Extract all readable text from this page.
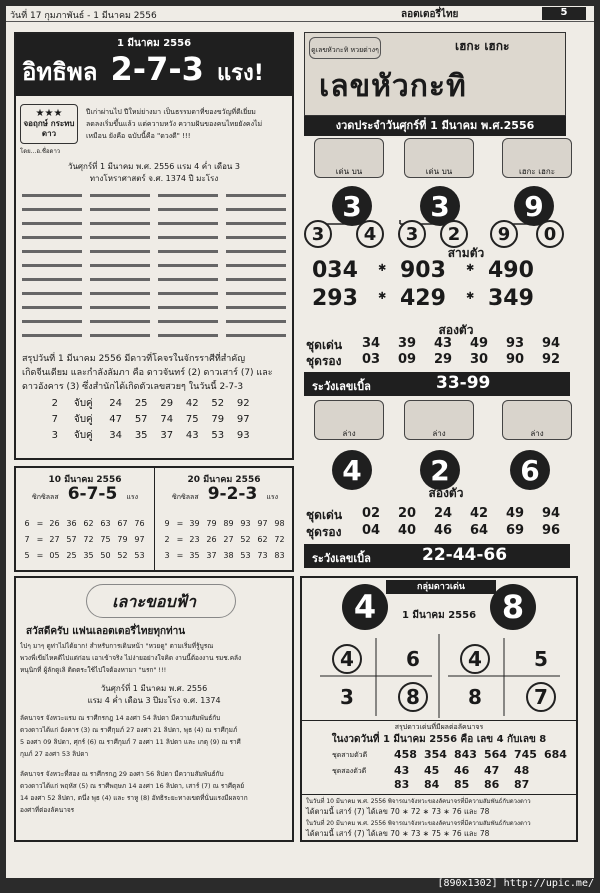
วันที่ 17 กุมภาพันธ์ - 1 มีนาคม 2556	ลอตเตอรี่ไทย	5
1 มีนาคม 2556
อิทธิพล 2-7-3 แรง!
★★★
จอฤกษ์ กระทบดาว
โดย...อ.ชื่อดาว
ปีเก่าผ่านไป ปีใหม่ย่างมา เป็นธรรมดาที่ของขวัญที่ดีเยี่ยม
ลดลงเริ่มขึ้นแล้ว แต่ความหวัง ความฝันของคนไทยยังคงไม่
เหมือน ยังคือ ฉบับนี้คือ "ดวงดี" !!!
วันศุกร์ที่ 1 มีนาคม พ.ศ. 2556 แรม 4 ค่ำ เดือน 3
ทางโหราศาสตร์ จ.ศ. 1374 ปี มะโรง
สรุปวันที่ 1 มีนาคม 2556 มีดาวที่โคจรในจักรราศีที่สำคัญ
เกิดจีนเดียม และกำลังลัมภา คือ ดาวจันทร์ (2) ดาวเสาร์ (7) และ
ดาวอังคาร (3) ซึ่งสำนักได้เกิดตัวเลขสวยๆ ในวันนี้ 2-7-3
2	จับคู่	24	25	29	42	52	92
7	จับคู่	47	57	74	75	79	97
3	จับคู่	34	35	37	43	53	93
10 มีนาคม 2556
ซิกซิลลส 6-7-5 แรง
6 = 26 36 62 63 67 76
7 = 27 57 72 75 79 97
5 = 05 25 35 50 52 53
20 มีนาคม 2556
ซิกซิลลส 9-2-3 แรง
9 = 39 79 89 93 97 98
2 = 23 26 27 52 62 72
3 = 35 37 38 53 73 83
เลาะขอบฟ้า
สวัสดีครับ แฟนเลอตเตอรี่ไทยทุกท่าน
ไปๆ มาๆ ดูท่าไม่ได้ยาก! สำหรับการเดินหน้า "หวยดู" ตามเริ่มที่รู้บูรณ
พวงพี่เขียไหคดีไปแต่ก่อน เอาเข้าจริง ไม่ง่ายอย่างใจคิด งานนี้ต้องงาน รมช.คลัง
หนุนิกที่ ผู้ลักดูเลิ ติดตระใช้ไปใจต้องหามา "นรก" !!!
วันศุกร์ที่ 1 มีนาคม พ.ศ. 2556
แรม 4 ค่ำ เดือน 3 ปีมะโรง จ.ศ. 1374
ลัคนาจร จังหวะแรม ณ ราศีกรกฎ 14 องศา 54 ลิปดา มีความสัมพันธ์กับ
ดวงดาวได้แก่ อังคาร (3) ณ ราศีกุมภ์ 27 องศา 21 ลิปดา, พุธ (4) ณ ราศีกุมภ์
5 องศา 09 ลิปดา, ศุกร์ (6) ณ ราศีกุมภ์ 7 องศา 11 ลิปดา และ เกตุ (9) ณ ราศี
กุมภ์ 27 องศา 53 ลิปดา
ลัคนาจร จังหวะที่สอง ณ ราศีกรกฎ 29 องศา 56 ลิปดา มีความสัมพันธ์กับ
ดวงดาวได้แก่ พฤหัส (5) ณ ราศีพฤษภ 14 องศา 16 ลิปดา, เสาร์ (7) ณ ราศีตุลย์
14 องศา 52 ลิปดา, ตนึ่ง พุธ (4) และ ราหู (8) อัทธิระยะทางเขตที่นั่นแรงมีผลจาก
องศาที่ต่องลัคนาจร
ดูเลขหัวกะทิ หวยต่างๆ	เฮกะ เฮกะ
เลขหัวกะทิ
งวดประจำวันศุกร์ที่ 1 มีนาคม พ.ศ.2556
เด่น บน	เด่น บน	เฮกะ เฮกะ
3	3	9
3	4	3	2	9	0
สามตัว
034 ✱ 903 ✱ 490
293 ✱ 429 ✱ 349
สองตัว
ชุดเด่น 34 39 43 49 93 94
ชุดรอง 03 09 29 30 90 92
ระวังเลขเบิ้ล	33-99
ล่าง	ล่าง	ล่าง
4	2	6
สองตัว
ชุดเด่น 02 20 24 42 49 94
ชุดรอง 04 40 46 64 69 96
ระวังเลขเบิ้ล	22-44-66
กลุ่มดาวเด่น
4	8
1 มีนาคม 2556
4	6
3	8
4	5
8	7
สรุปดาวเด่นที่มีผลต่อลัคนาจร
ในงวดวันที่ 1 มีนาคม 2556 คือ เลข 4 กับเลข 8
ชุดสามตัวดี 458 354 843 564 745 684
ชุดสองตัวดี	43 45 46 47 48
83 84 85 86 87
ในวันที่ 10 มีนาคม พ.ศ. 2556 พิจารณาจังหวะของลัคนาจรที่มีความสัมพันธ์กับดวงดาว
ได้ตามนี้ เสาร์ (7) ได้เลข 70 ∗ 72 ∗ 73 ∗ 76 และ 78
ในวันที่ 20 มีนาคม พ.ศ. 2556 พิจารณาจังหวะของลัคนาจรที่มีความสัมพันธ์กับดวงดาว
ได้ตามนี้ เสาร์ (7) ได้เลข 70 ∗ 73 ∗ 75 ∗ 76 และ 78
[890x1302] http://upic.me/
